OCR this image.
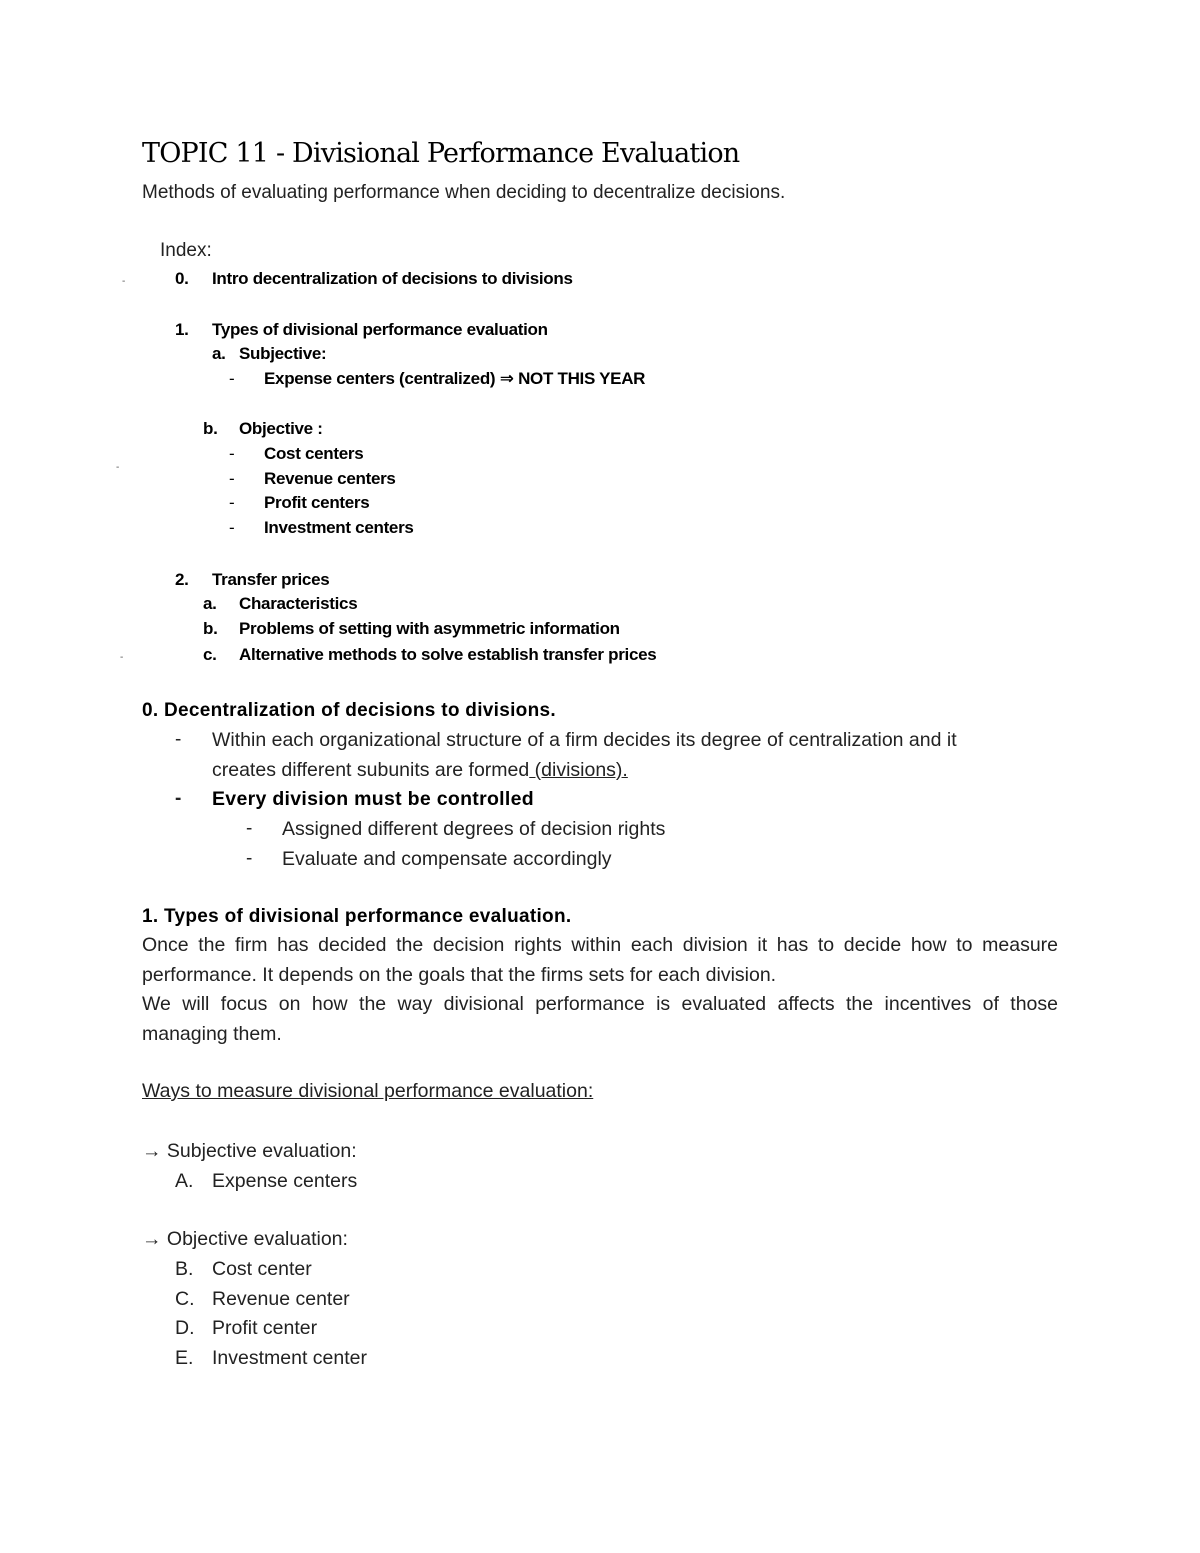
TOPIC 11 - Divisional Performance Evaluation
Methods of evaluating performance when deciding to decentralize decisions.
Index:
-
-
-
0. Intro decentralization of decisions to divisions
1. Types of divisional performance evaluation
a. Subjective:
- Expense centers (centralized) ⇒ NOT THIS YEAR
b. Objective :
- Cost centers
- Revenue centers
- Profit centers
- Investment centers
2. Transfer prices
a. Characteristics
b. Problems of setting with asymmetric information
c. Alternative methods to solve establish transfer prices
0. Decentralization of decisions to divisions.
- Within each organizational structure of a firm decides its degree of centralization and it
creates different subunits are formed (divisions).
- Every division must be controlled
- Assigned different degrees of decision rights
- Evaluate and compensate accordingly
1. Types of divisional performance evaluation.

Once the firm has decided the decision rights within each division it has to decide how to measure performance. It depends on the goals that the firms sets for each division.

We will focus on how the way divisional performance is evaluated affects the incentives of those managing them.

Ways to measure divisional performance evaluation:
→ Subjective evaluation:
A. Expense centers
→ Objective evaluation:
B. Cost center
C. Revenue center
D. Profit center
E. Investment center
